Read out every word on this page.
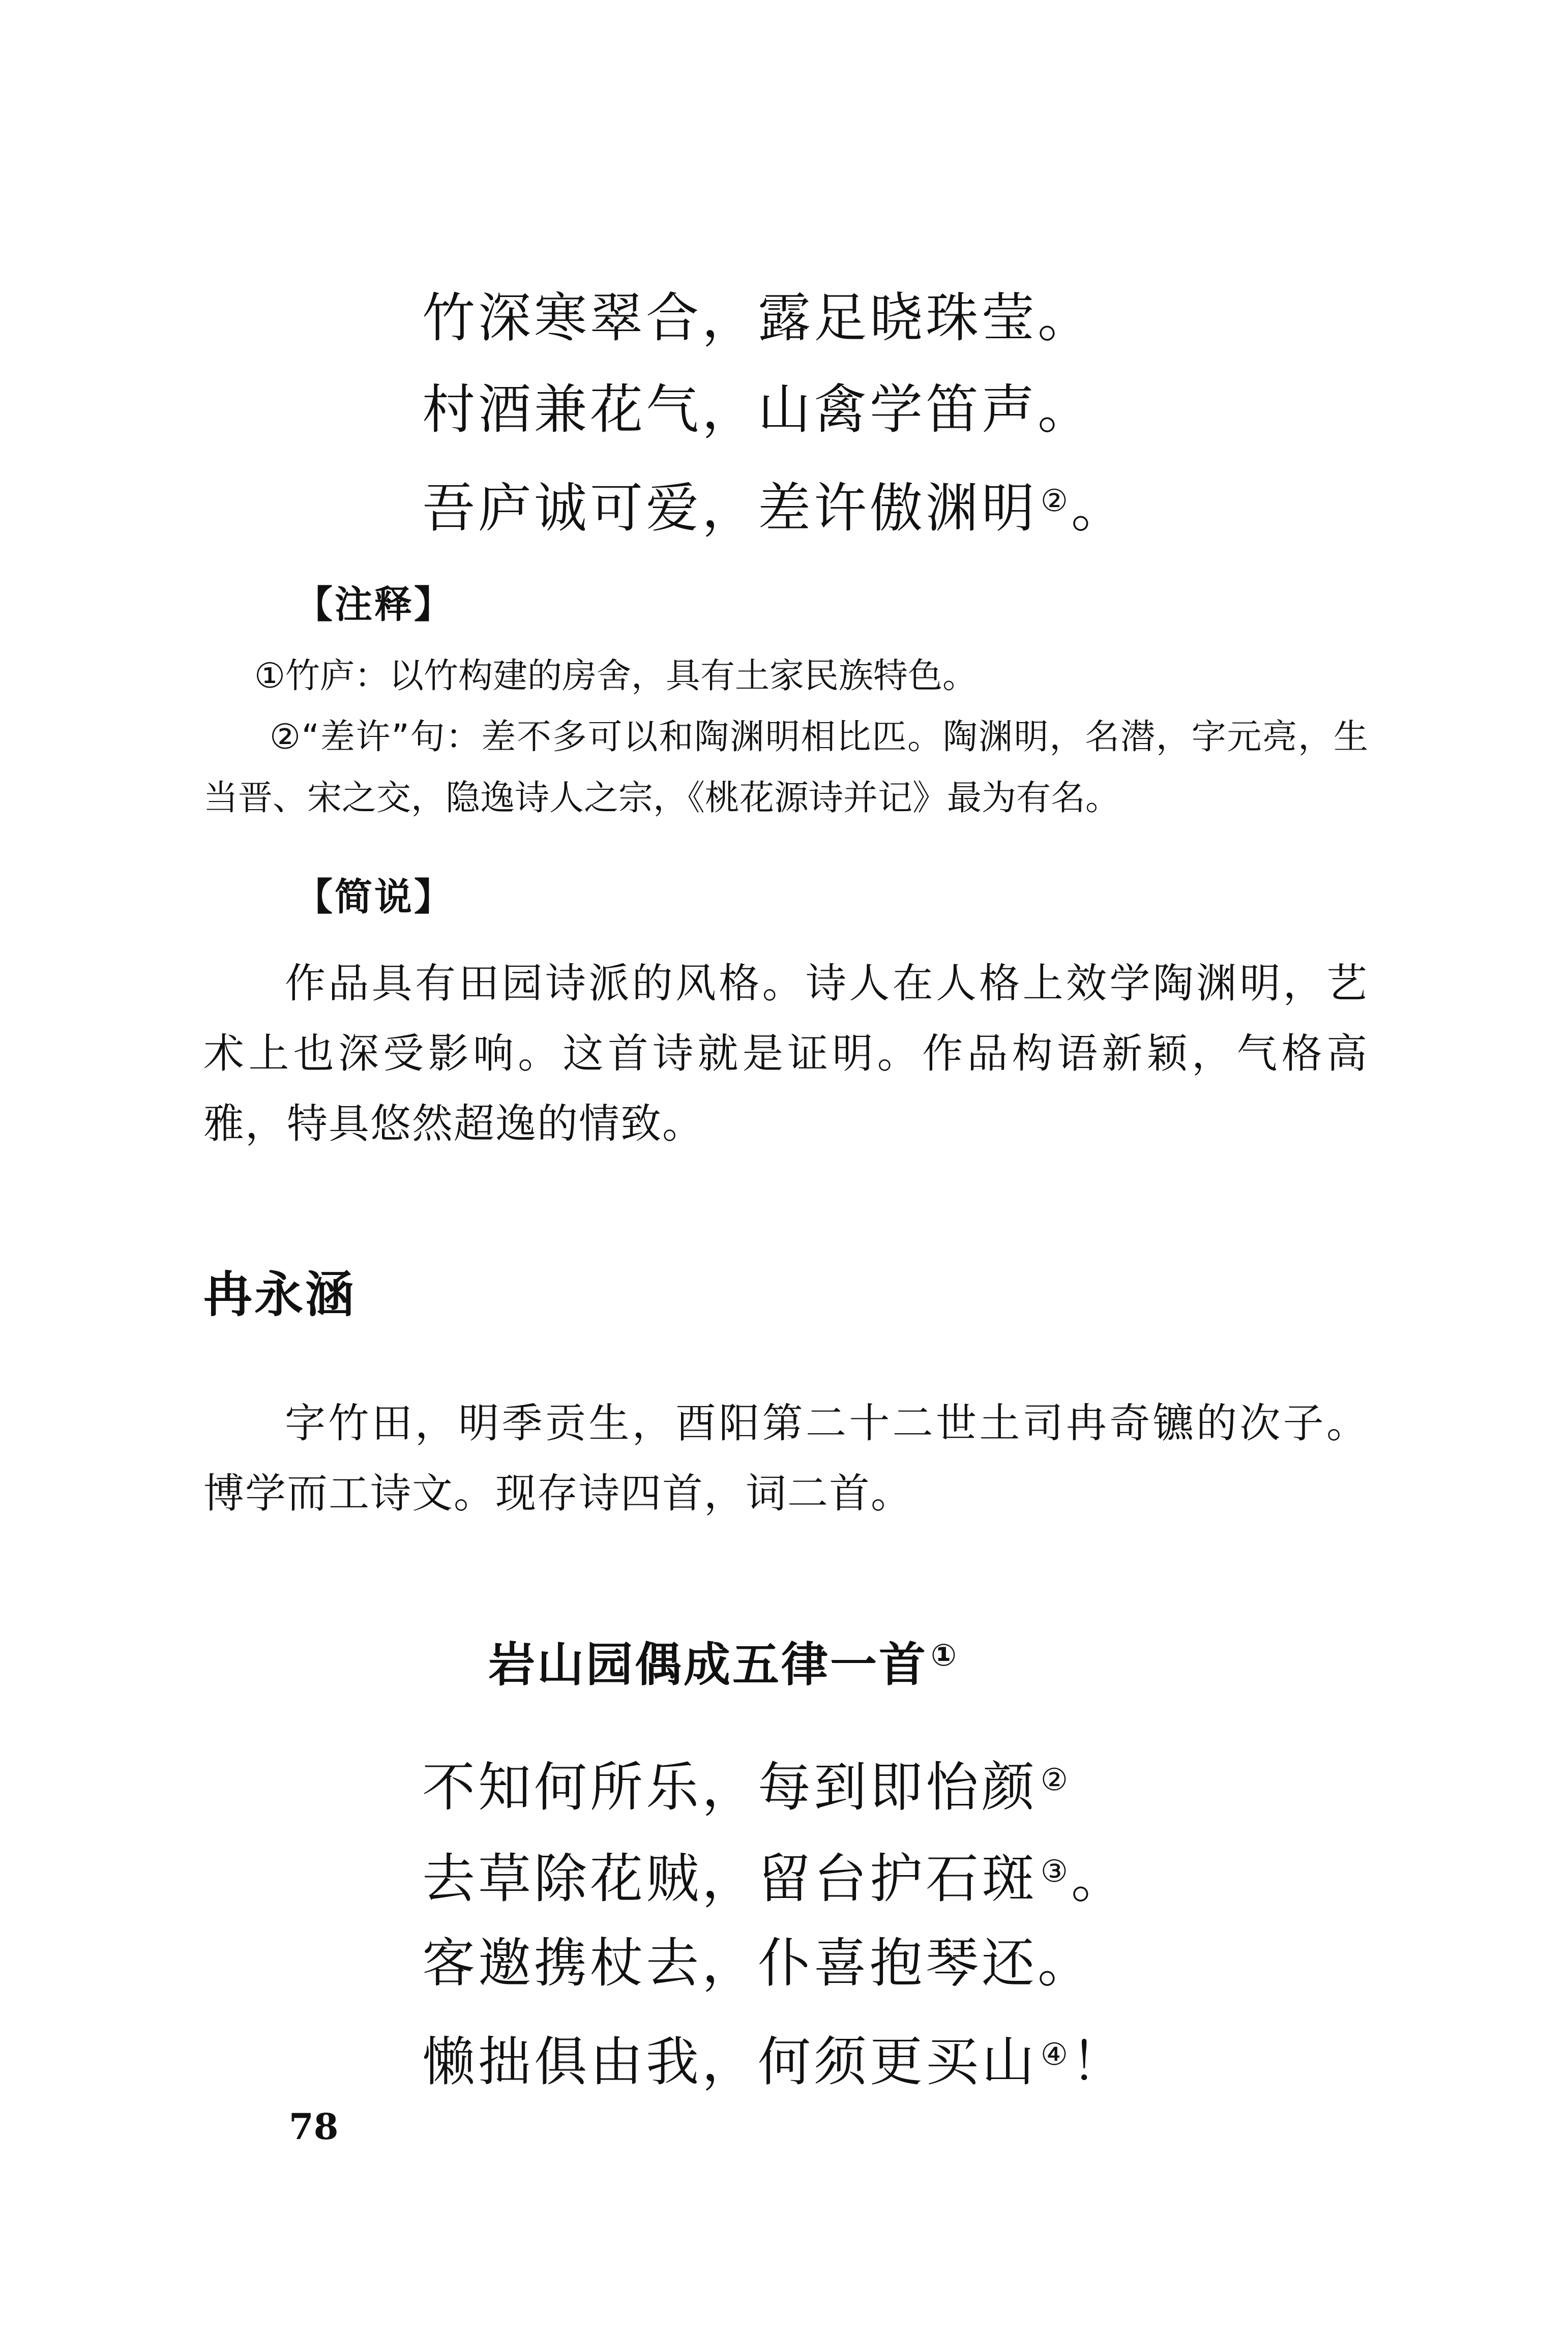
竹深寒翠合，露足晓珠莹。
村酒兼花气，山禽学笛声。
吾庐诚可爱，差许傲渊明 ②。
【注释】

①竹庐：以竹构建的房舍，具有土家民族特色。

②“差许”句：差不多可以和陶渊明相比匹。陶渊明，名潜，字元亮，生当晋、宋之交，隐逸诗人之宗，《桃花源诗并记》最为有名。

【简说】

作品具有田园诗派的风格。诗人在人格上效学陶渊明，艺术上也深受影响。这首诗就是证明。作品构语新颖，气格高雅，特具悠然超逸的情致。

冉永涵

字竹田，明季贡生，酉阳第二十二世土司冉奇镳的次子。博学而工诗文。现存诗四首，词二首。

岩山园偶成五律一首 ①
不知何所乐，每到即怡颜 ②
去草除花贼，留台护石斑 ③。
客邀携杖去，仆喜抱琴还。
懒拙俱由我，何须更买山 ④！
78
